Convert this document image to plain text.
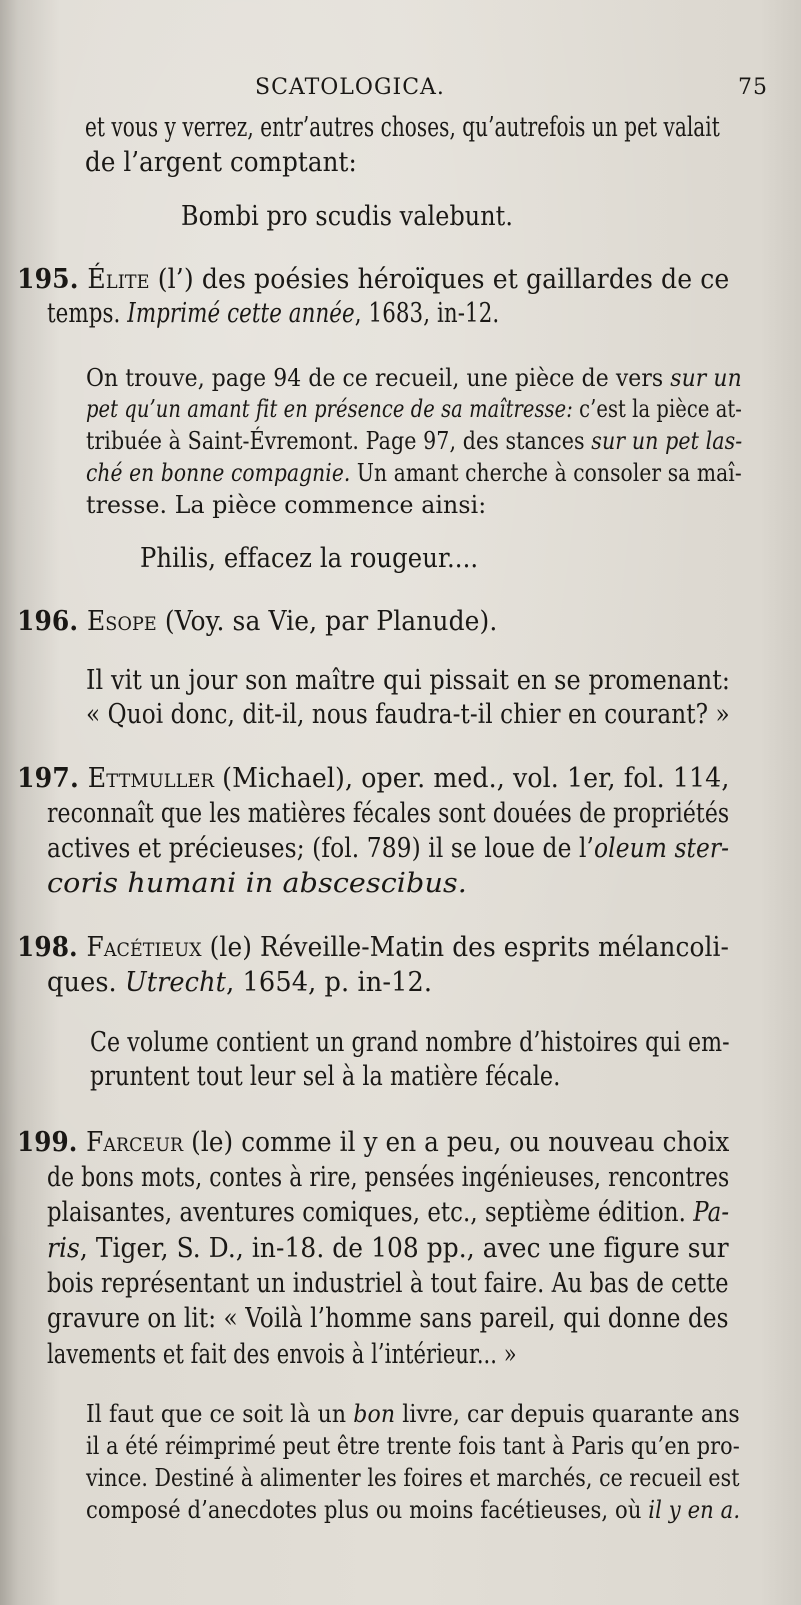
SCATOLOGICA.	75
et vous y verrez, entr’autres choses, qu’autrefois un pet valait
de l’argent comptant:
Bombi pro scudis valebunt.
195. Élite (l’) des poésies héroïques et gaillardes de ce
temps. Imprimé cette année, 1683, in-12.
On trouve, page 94 de ce recueil, une pièce de vers sur un
pet qu’un amant fit en présence de sa maîtresse: c’est la pièce at-
tribuée à Saint-Évremont. Page 97, des stances sur un pet las-
ché en bonne compagnie. Un amant cherche à consoler sa maî-
tresse. La pièce commence ainsi:
Philis, effacez la rougeur....
196. Esope (Voy. sa Vie, par Planude).
Il vit un jour son maître qui pissait en se promenant:
« Quoi donc, dit-il, nous faudra-t-il chier en courant? »
197. Ettmuller (Michael), oper. med., vol. 1er, fol. 114,
reconnaît que les matières fécales sont douées de propriétés
actives et précieuses; (fol. 789) il se loue de l’oleum ster-
coris humani in abscescibus.
198. Facétieux (le) Réveille-Matin des esprits mélancoli-
ques. Utrecht, 1654, p. in-12.
Ce volume contient un grand nombre d’histoires qui em-
pruntent tout leur sel à la matière fécale.
199. Farceur (le) comme il y en a peu, ou nouveau choix
de bons mots, contes à rire, pensées ingénieuses, rencontres
plaisantes, aventures comiques, etc., septième édition. Pa-
ris, Tiger, S. D., in-18. de 108 pp., avec une figure sur
bois représentant un industriel à tout faire. Au bas de cette
gravure on lit: « Voilà l’homme sans pareil, qui donne des
lavements et fait des envois à l’intérieur... »
Il faut que ce soit là un bon livre, car depuis quarante ans
il a été réimprimé peut être trente fois tant à Paris qu’en pro-
vince. Destiné à alimenter les foires et marchés, ce recueil est
composé d’anecdotes plus ou moins facétieuses, où il y en a.
